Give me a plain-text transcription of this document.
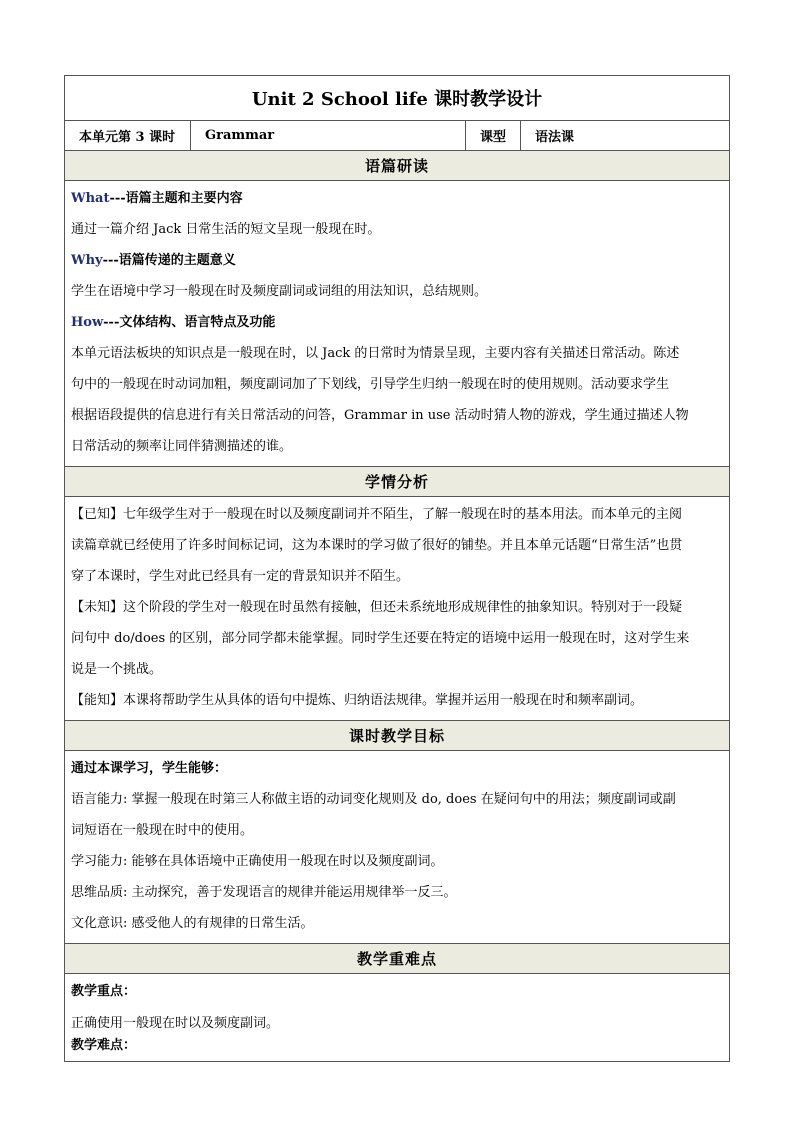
Unit 2 School life 课时教学设计
本单元第 3 课时	Grammar	课型	语法课
语篇研读
What---语篇主题和主要内容
通过一篇介绍 Jack 日常生活的短文呈现一般现在时。
Why---语篇传递的主题意义
学生在语境中学习一般现在时及频度副词或词组的用法知识，总结规则。
How---文体结构、语言特点及功能
本单元语法板块的知识点是一般现在时，以 Jack 的日常时为情景呈现，主要内容有关描述日常活动。陈述
句中的一般现在时动词加粗，频度副词加了下划线，引导学生归纳一般现在时的使用规则。活动要求学生
根据语段提供的信息进行有关日常活动的问答，Grammar in use 活动时猜人物的游戏，学生通过描述人物
日常活动的频率让同伴猜测描述的谁。
学情分析
【已知】七年级学生对于一般现在时以及频度副词并不陌生，了解一般现在时的基本用法。而本单元的主阅
读篇章就已经使用了许多时间标记词，这为本课时的学习做了很好的铺垫。并且本单元话题“日常生活”也贯
穿了本课时，学生对此已经具有一定的背景知识并不陌生。
【未知】这个阶段的学生对一般现在时虽然有接触，但还未系统地形成规律性的抽象知识。特别对于一段疑
问句中 do/does 的区别，部分同学都未能掌握。同时学生还要在特定的语境中运用一般现在时，这对学生来
说是一个挑战。
【能知】本课将帮助学生从具体的语句中提炼、归纳语法规律。掌握并运用一般现在时和频率副词。
课时教学目标
通过本课学习，学生能够：
语言能力: 掌握一般现在时第三人称做主语的动词变化规则及 do, does 在疑问句中的用法；频度副词或副
词短语在一般现在时中的使用。
学习能力: 能够在具体语境中正确使用一般现在时以及频度副词。
思维品质: 主动探究，善于发现语言的规律并能运用规律举一反三。
文化意识: 感受他人的有规律的日常生活。
教学重难点
教学重点：
正确使用一般现在时以及频度副词。
教学难点：
